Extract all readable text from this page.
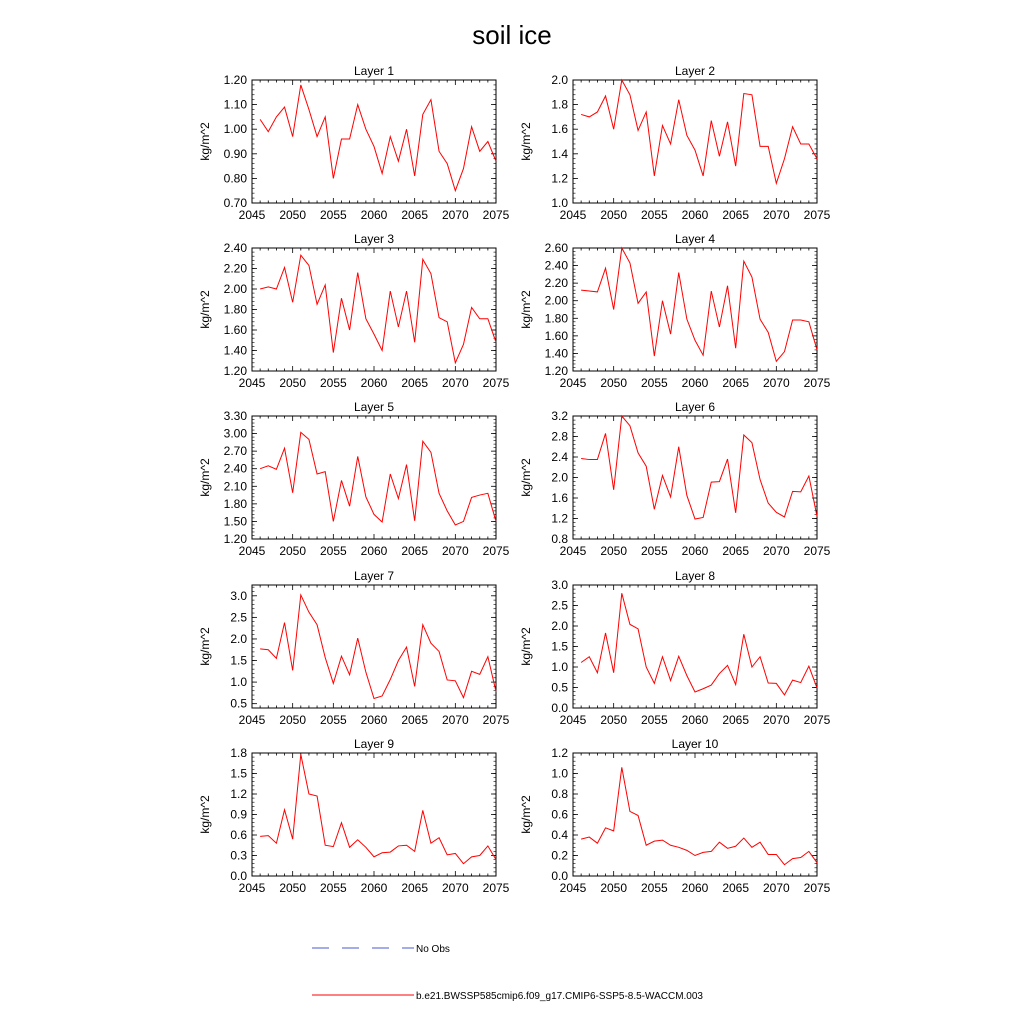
soil ice
Layer 1
kg/m^2
2045 2050 2055 2060 2065 2070 2075
0.70
0.80
0.90
1.00
1.10
1.20
Layer 2
kg/m^2
2045 2050 2055 2060 2065 2070 2075
1.0
1.2
1.4
1.6
1.8
2.0
Layer 3
kg/m^2
2045 2050 2055 2060 2065 2070 2075
1.20
1.40
1.60
1.80
2.00
2.20
2.40
Layer 4
kg/m^2
2045 2050 2055 2060 2065 2070 2075
1.20
1.40
1.60
1.80
2.00
2.20
2.40
2.60
Layer 5
kg/m^2
2045 2050 2055 2060 2065 2070 2075
1.20
1.50
1.80
2.10
2.40
2.70
3.00
3.30
Layer 6
kg/m^2
2045 2050 2055 2060 2065 2070 2075
0.8
1.2
1.6
2.0
2.4
2.8
3.2
Layer 7
kg/m^2
2045 2050 2055 2060 2065 2070 2075
0.5
1.0
1.5
2.0
2.5
3.0
Layer 8
kg/m^2
2045 2050 2055 2060 2065 2070 2075
0.0
0.5
1.0
1.5
2.0
2.5
3.0
Layer 9
kg/m^2
2045 2050 2055 2060 2065 2070 2075
0.0
0.3
0.6
0.9
1.2
1.5
1.8
Layer 10
kg/m^2
2045 2050 2055 2060 2065 2070 2075
0.0
0.2
0.4
0.6
0.8
1.0
1.2
No Obs
b.e21.BWSSP585cmip6.f09_g17.CMIP6-SSP5-8.5-WACCM.003
